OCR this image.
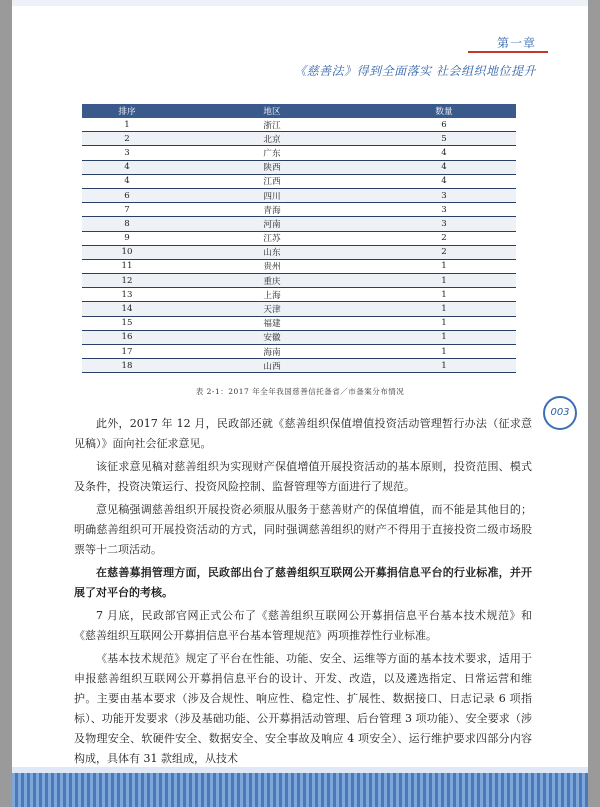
第一章
《慈善法》得到全面落实 社会组织地位提升
排序	地区	数量
1	浙江	6
2	北京	5
3	广东	4
4	陕西	4
4	江西	4
6	四川	3
7	青海	3
8	河南	3
9	江苏	2
10	山东	2
11	贵州	1
12	重庆	1
13	上海	1
14	天津	1
15	福建	1
16	安徽	1
17	海南	1
18	山西	1
表 2-1：2017 年全年我国慈善信托备省／市备案分布情况
003

此外，2017 年 12 月，民政部还就《慈善组织保值增值投资活动管理暂行办法（征求意见稿）》面向社会征求意见。

该征求意见稿对慈善组织为实现财产保值增值开展投资活动的基本原则，投资范围、模式及条件，投资决策运行、投资风险控制、监督管理等方面进行了规范。

意见稿强调慈善组织开展投资必须服从服务于慈善财产的保值增值，而不能是其他目的；明确慈善组织可开展投资活动的方式，同时强调慈善组织的财产不得用于直接投资二级市场股票等十二项活动。

在慈善募捐管理方面，民政部出台了慈善组织互联网公开募捐信息平台的行业标准，并开展了对平台的考核。

7 月底，民政部官网正式公布了《慈善组织互联网公开募捐信息平台基本技术规范》和《慈善组织互联网公开募捐信息平台基本管理规范》两项推荐性行业标准。

《基本技术规范》规定了平台在性能、功能、安全、运维等方面的基本技术要求，适用于申报慈善组织互联网公开募捐信息平台的设计、开发、改造，以及遴选指定、日常运营和维护。主要由基本要求（涉及合规性、响应性、稳定性、扩展性、数据接口、日志记录 6 项指标）、功能开发要求（涉及基础功能、公开募捐活动管理、后台管理 3 项功能）、安全要求（涉及物理安全、软硬件安全、数据安全、安全事故及响应 4 项安全）、运行维护要求四部分内容构成，具体有 31 款组成，从技术
